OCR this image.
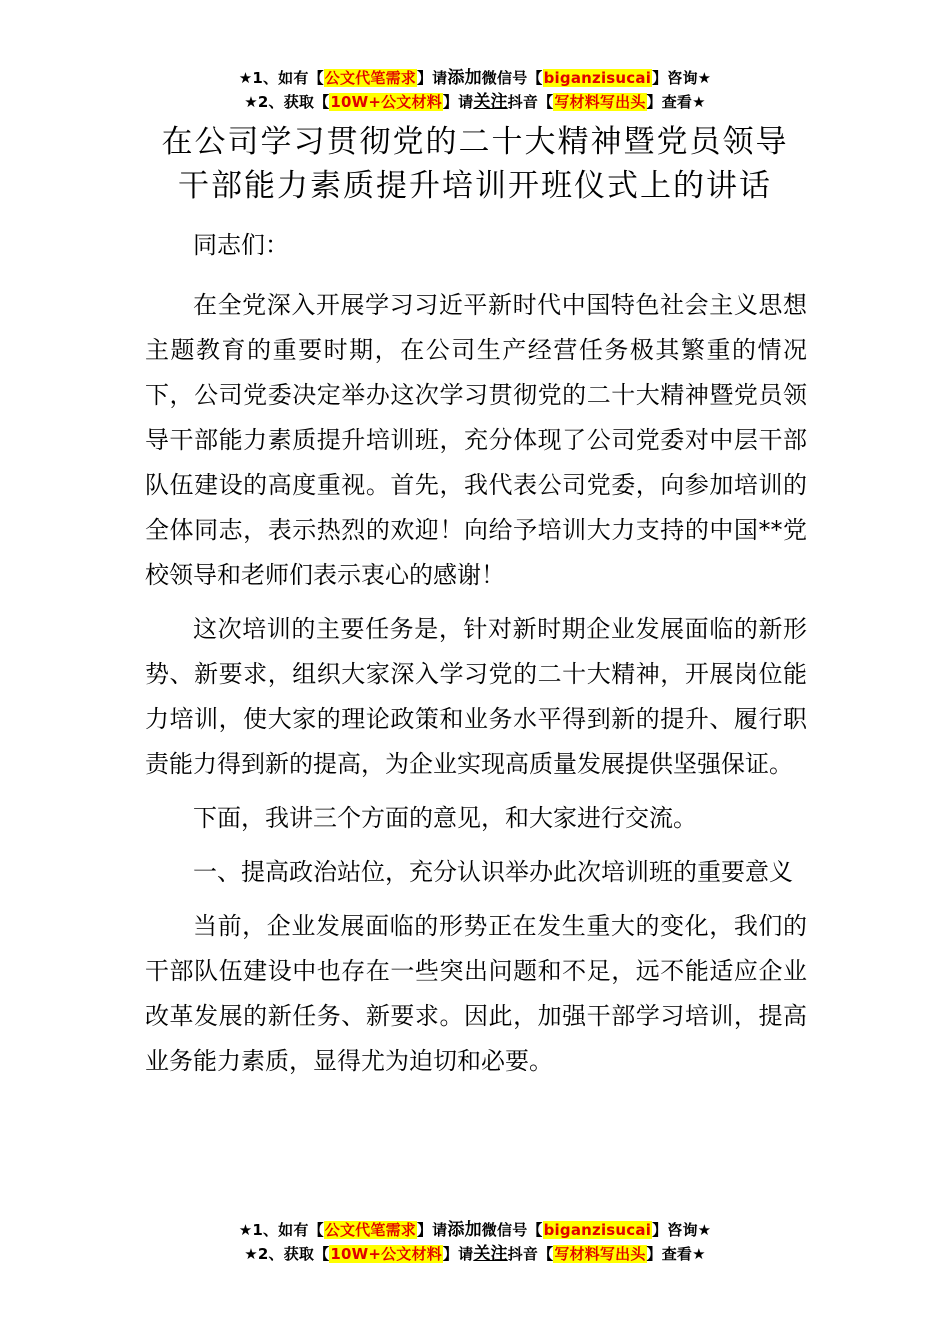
★1、如有【公文代笔需求】请添加微信号【biganzisucai】咨询★
★2、获取【10W+公文材料】请关注抖音【写材料写出头】查看★
在公司学习贯彻党的二十大精神暨党员领导
干部能力素质提升培训开班仪式上的讲话

同志们：

在全党深入开展学习习近平新时代中国特色社会主义思想主题教育的重要时期，在公司生产经营任务极其繁重的情况下，公司党委决定举办这次学习贯彻党的二十大精神暨党员领导干部能力素质提升培训班，充分体现了公司党委对中层干部队伍建设的高度重视。首先，我代表公司党委，向参加培训的全体同志，表示热烈的欢迎！向给予培训大力支持的中国**党校领导和老师们表示衷心的感谢！

这次培训的主要任务是，针对新时期企业发展面临的新形势、新要求，组织大家深入学习党的二十大精神，开展岗位能力培训，使大家的理论政策和业务水平得到新的提升、履行职责能力得到新的提高，为企业实现高质量发展提供坚强保证。

下面，我讲三个方面的意见，和大家进行交流。

一、提高政治站位，充分认识举办此次培训班的重要意义

当前，企业发展面临的形势正在发生重大的变化，我们的干部队伍建设中也存在一些突出问题和不足，远不能适应企业改革发展的新任务、新要求。因此，加强干部学习培训，提高业务能力素质，显得尤为迫切和必要。

★1、如有【公文代笔需求】请添加微信号【biganzisucai】咨询★
★2、获取【10W+公文材料】请关注抖音【写材料写出头】查看★
